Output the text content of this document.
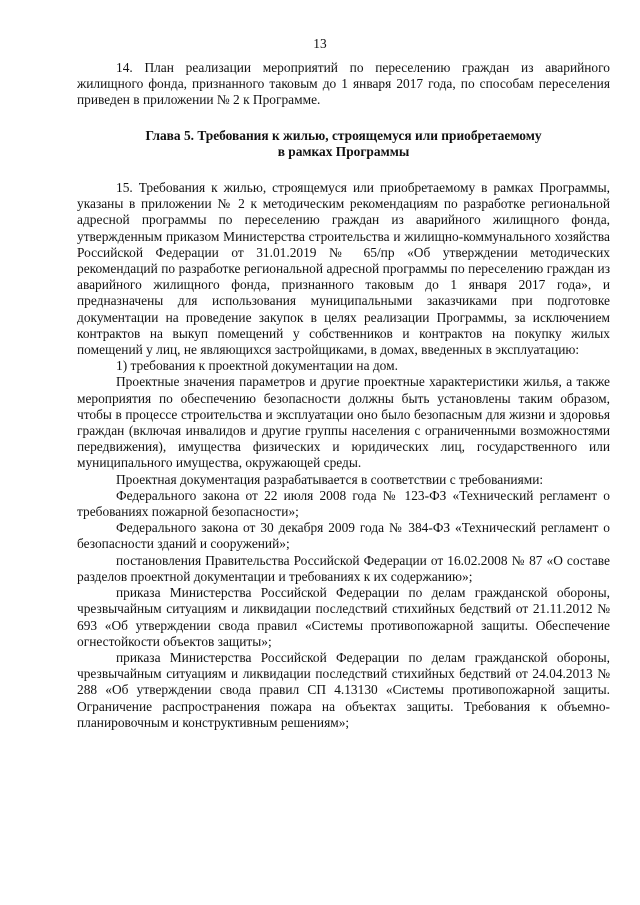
13

14. План реализации мероприятий по переселению граждан из аварийного жилищного фонда, признанного таковым до 1 января 2017 года, по способам переселения приведен в приложении № 2 к Программе.

Глава 5. Требования к жилью, строящемуся или приобретаемому
в рамках Программы

15. Требования к жилью, строящемуся или приобретаемому в рамках Программы, указаны в приложении № 2 к методическим рекомендациям по разработке региональной адресной программы по переселению граждан из аварийного жилищного фонда, утвержденным приказом Министерства строительства и жилищно-коммунального хозяйства Российской Федерации от 31.01.2019 № 65/пр «Об утверждении методических рекомендаций по разработке региональной адресной программы по переселению граждан из аварийного жилищного фонда, признанного таковым до 1 января 2017 года», и предназначены для использования муниципальными заказчиками при подготовке документации на проведение закупок в целях реализации Программы, за исключением контрактов на выкуп помещений у собственников и контрактов на покупку жилых помещений у лиц, не являющихся застройщиками, в домах, введенных в эксплуатацию:

1) требования к проектной документации на дом.

Проектные значения параметров и другие проектные характеристики жилья, а также мероприятия по обеспечению безопасности должны быть установлены таким образом, чтобы в процессе строительства и эксплуатации оно было безопасным для жизни и здоровья граждан (включая инвалидов и другие группы населения с ограниченными возможностями передвижения), имущества физических и юридических лиц, государственного или муниципального имущества, окружающей среды.

Проектная документация разрабатывается в соответствии с требованиями:

Федерального закона от 22 июля 2008 года № 123-ФЗ «Технический регламент о требованиях пожарной безопасности»;

Федерального закона от 30 декабря 2009 года № 384-ФЗ «Технический регламент о безопасности зданий и сооружений»;

постановления Правительства Российской Федерации от 16.02.2008 № 87 «О составе разделов проектной документации и требованиях к их содержанию»;

приказа Министерства Российской Федерации по делам гражданской обороны, чрезвычайным ситуациям и ликвидации последствий стихийных бедствий от 21.11.2012 № 693 «Об утверждении свода правил «Системы противопожарной защиты. Обеспечение огнестойкости объектов защиты»;

приказа Министерства Российской Федерации по делам гражданской обороны, чрезвычайным ситуациям и ликвидации последствий стихийных бедствий от 24.04.2013 № 288 «Об утверждении свода правил СП 4.13130 «Системы противопожарной защиты. Ограничение распространения пожара на объектах защиты. Требования к объемно-планировочным и конструктивным решениям»;
